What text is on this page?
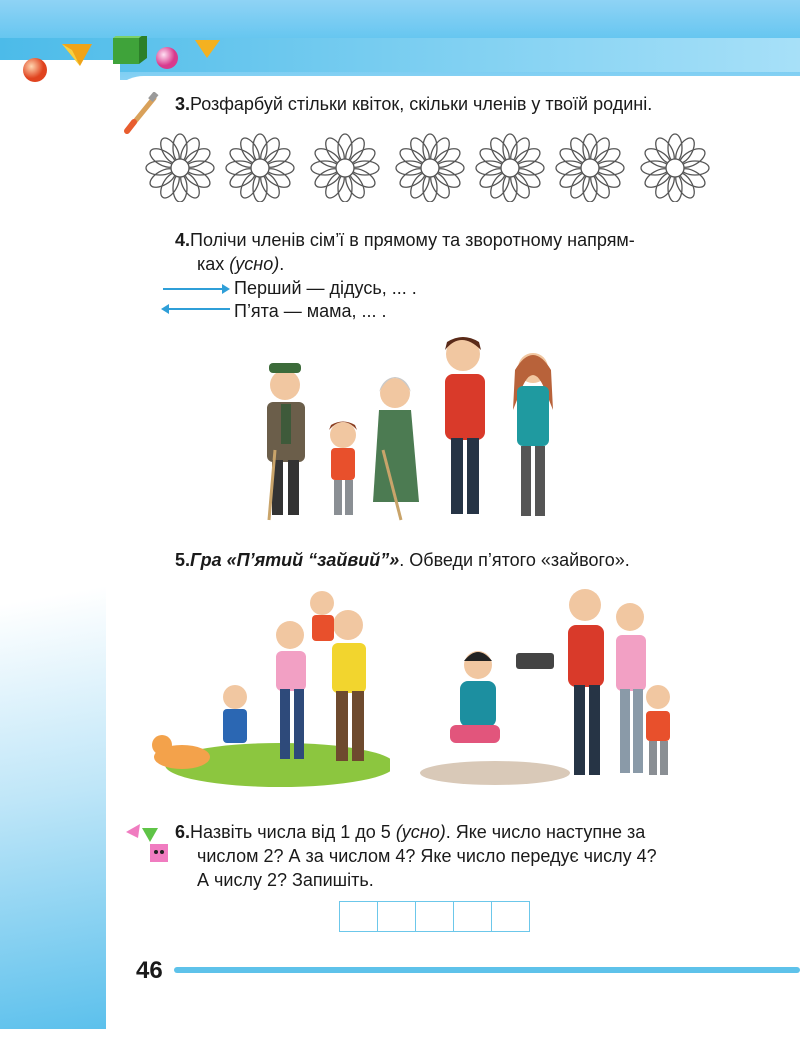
3.Розфарбуй стільки квіток, скільки членів у твоїй родині.
4.Полічи членів сім’ї в прямому та зворотному напрям-
ках (усно).
Перший — дідусь, ... .
П’ята — мама, ... .
5.Гра «П’ятий “зайвий”». Обведи п’ятого «зайвого».
6.Назвіть числа від 1 до 5 (усно). Яке число наступне за
числом 2? А за числом 4? Яке число передує числу 4?
А числу 2? Запишіть.
46
